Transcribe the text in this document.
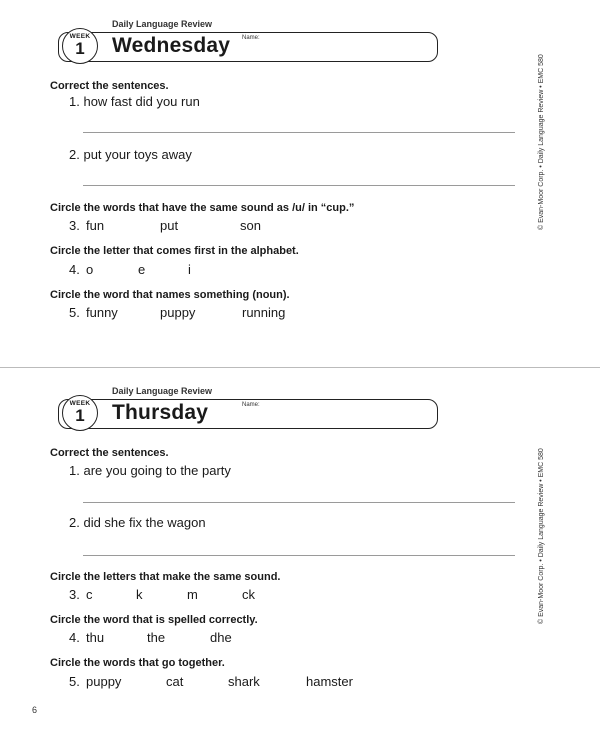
Daily Language Review
WEEK
1 Wednesday Name:
Correct the sentences.
1. how fast did you run
2. put your toys away
Circle the words that have the same sound as /u/ in “cup.”
3. fun	put	son
Circle the letter that comes first in the alphabet.
4. o	e	i
Circle the word that names something (noun).
5. funny	puppy	running
© Evan-Moor Corp. • Daily Language Review • EMC 580
Daily Language Review
WEEK
1 Thursday	Name:
Correct the sentences.
1. are you going to the party
2. did she fix the wagon
Circle the letters that make the same sound.
3. c	k	m	ck
Circle the word that is spelled correctly.
4. thu	the	dhe
Circle the words that go together.
5. puppy	cat	shark	hamster
© Evan-Moor Corp. • Daily Language Review • EMC 580
6
